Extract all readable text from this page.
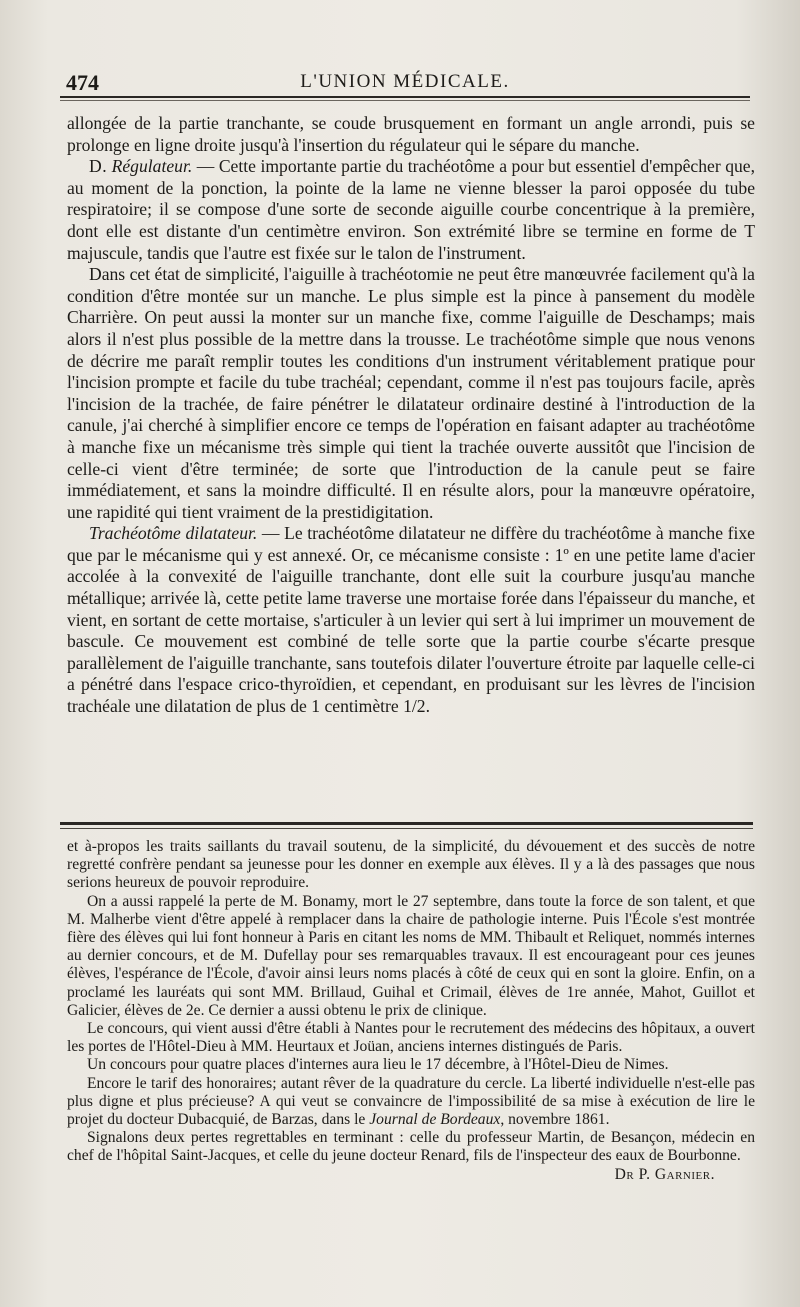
474	L'UNION MÉDICALE.

allongée de la partie tranchante, se coude brusquement en formant un angle arrondi, puis se prolonge en ligne droite jusqu'à l'insertion du régulateur qui le sépare du manche.

D. Régulateur. — Cette importante partie du trachéotôme a pour but essentiel d'empêcher que, au moment de la ponction, la pointe de la lame ne vienne blesser la paroi opposée du tube respiratoire; il se compose d'une sorte de seconde aiguille courbe concentrique à la première, dont elle est distante d'un centimètre environ. Son extrémité libre se termine en forme de T majuscule, tandis que l'autre est fixée sur le talon de l'instrument.

Dans cet état de simplicité, l'aiguille à trachéotomie ne peut être manœuvrée facilement qu'à la condition d'être montée sur un manche. Le plus simple est la pince à pansement du modèle Charrière. On peut aussi la monter sur un manche fixe, comme l'aiguille de Deschamps; mais alors il n'est plus possible de la mettre dans la trousse. Le trachéotôme simple que nous venons de décrire me paraît remplir toutes les conditions d'un instrument véritablement pratique pour l'incision prompte et facile du tube trachéal; cependant, comme il n'est pas toujours facile, après l'incision de la trachée, de faire pénétrer le dilatateur ordinaire destiné à l'introduction de la canule, j'ai cherché à simplifier encore ce temps de l'opération en faisant adapter au trachéotôme à manche fixe un mécanisme très simple qui tient la trachée ouverte aussitôt que l'incision de celle-ci vient d'être terminée; de sorte que l'introduction de la canule peut se faire immédiatement, et sans la moindre difficulté. Il en résulte alors, pour la manœuvre opératoire, une rapidité qui tient vraiment de la prestidigitation.

Trachéotôme dilatateur. — Le trachéotôme dilatateur ne diffère du trachéotôme à manche fixe que par le mécanisme qui y est annexé. Or, ce mécanisme consiste : 1º en une petite lame d'acier accolée à la convexité de l'aiguille tranchante, dont elle suit la courbure jusqu'au manche métallique; arrivée là, cette petite lame traverse une mortaise forée dans l'épaisseur du manche, et vient, en sortant de cette mortaise, s'articuler à un levier qui sert à lui imprimer un mouvement de bascule. Ce mouvement est combiné de telle sorte que la partie courbe s'écarte presque parallèlement de l'aiguille tranchante, sans toutefois dilater l'ouverture étroite par laquelle celle-ci a pénétré dans l'espace crico-thyroïdien, et cependant, en produisant sur les lèvres de l'incision trachéale une dilatation de plus de 1 centimètre 1/2.

et à-propos les traits saillants du travail soutenu, de la simplicité, du dévouement et des succès de notre regretté confrère pendant sa jeunesse pour les donner en exemple aux élèves. Il y a là des passages que nous serions heureux de pouvoir reproduire.

On a aussi rappelé la perte de M. Bonamy, mort le 27 septembre, dans toute la force de son talent, et que M. Malherbe vient d'être appelé à remplacer dans la chaire de pathologie interne. Puis l'École s'est montrée fière des élèves qui lui font honneur à Paris en citant les noms de MM. Thibault et Reliquet, nommés internes au dernier concours, et de M. Dufellay pour ses remarquables travaux. Il est encourageant pour ces jeunes élèves, l'espérance de l'École, d'avoir ainsi leurs noms placés à côté de ceux qui en sont la gloire. Enfin, on a proclamé les lauréats qui sont MM. Brillaud, Guihal et Crimail, élèves de 1re année, Mahot, Guillot et Galicier, élèves de 2e. Ce dernier a aussi obtenu le prix de clinique.

Le concours, qui vient aussi d'être établi à Nantes pour le recrutement des médecins des hôpitaux, a ouvert les portes de l'Hôtel-Dieu à MM. Heurtaux et Joüan, anciens internes distingués de Paris.

Un concours pour quatre places d'internes aura lieu le 17 décembre, à l'Hôtel-Dieu de Nimes.

Encore le tarif des honoraires; autant rêver de la quadrature du cercle. La liberté individuelle n'est-elle pas plus digne et plus précieuse? A qui veut se convaincre de l'impossibilité de sa mise à exécution de lire le projet du docteur Dubacquié, de Barzas, dans le Journal de Bordeaux, novembre 1861.

Signalons deux pertes regrettables en terminant : celle du professeur Martin, de Besançon, médecin en chef de l'hôpital Saint-Jacques, et celle du jeune docteur Renard, fils de l'inspecteur des eaux de Bourbonne.

Dr P. Garnier.
